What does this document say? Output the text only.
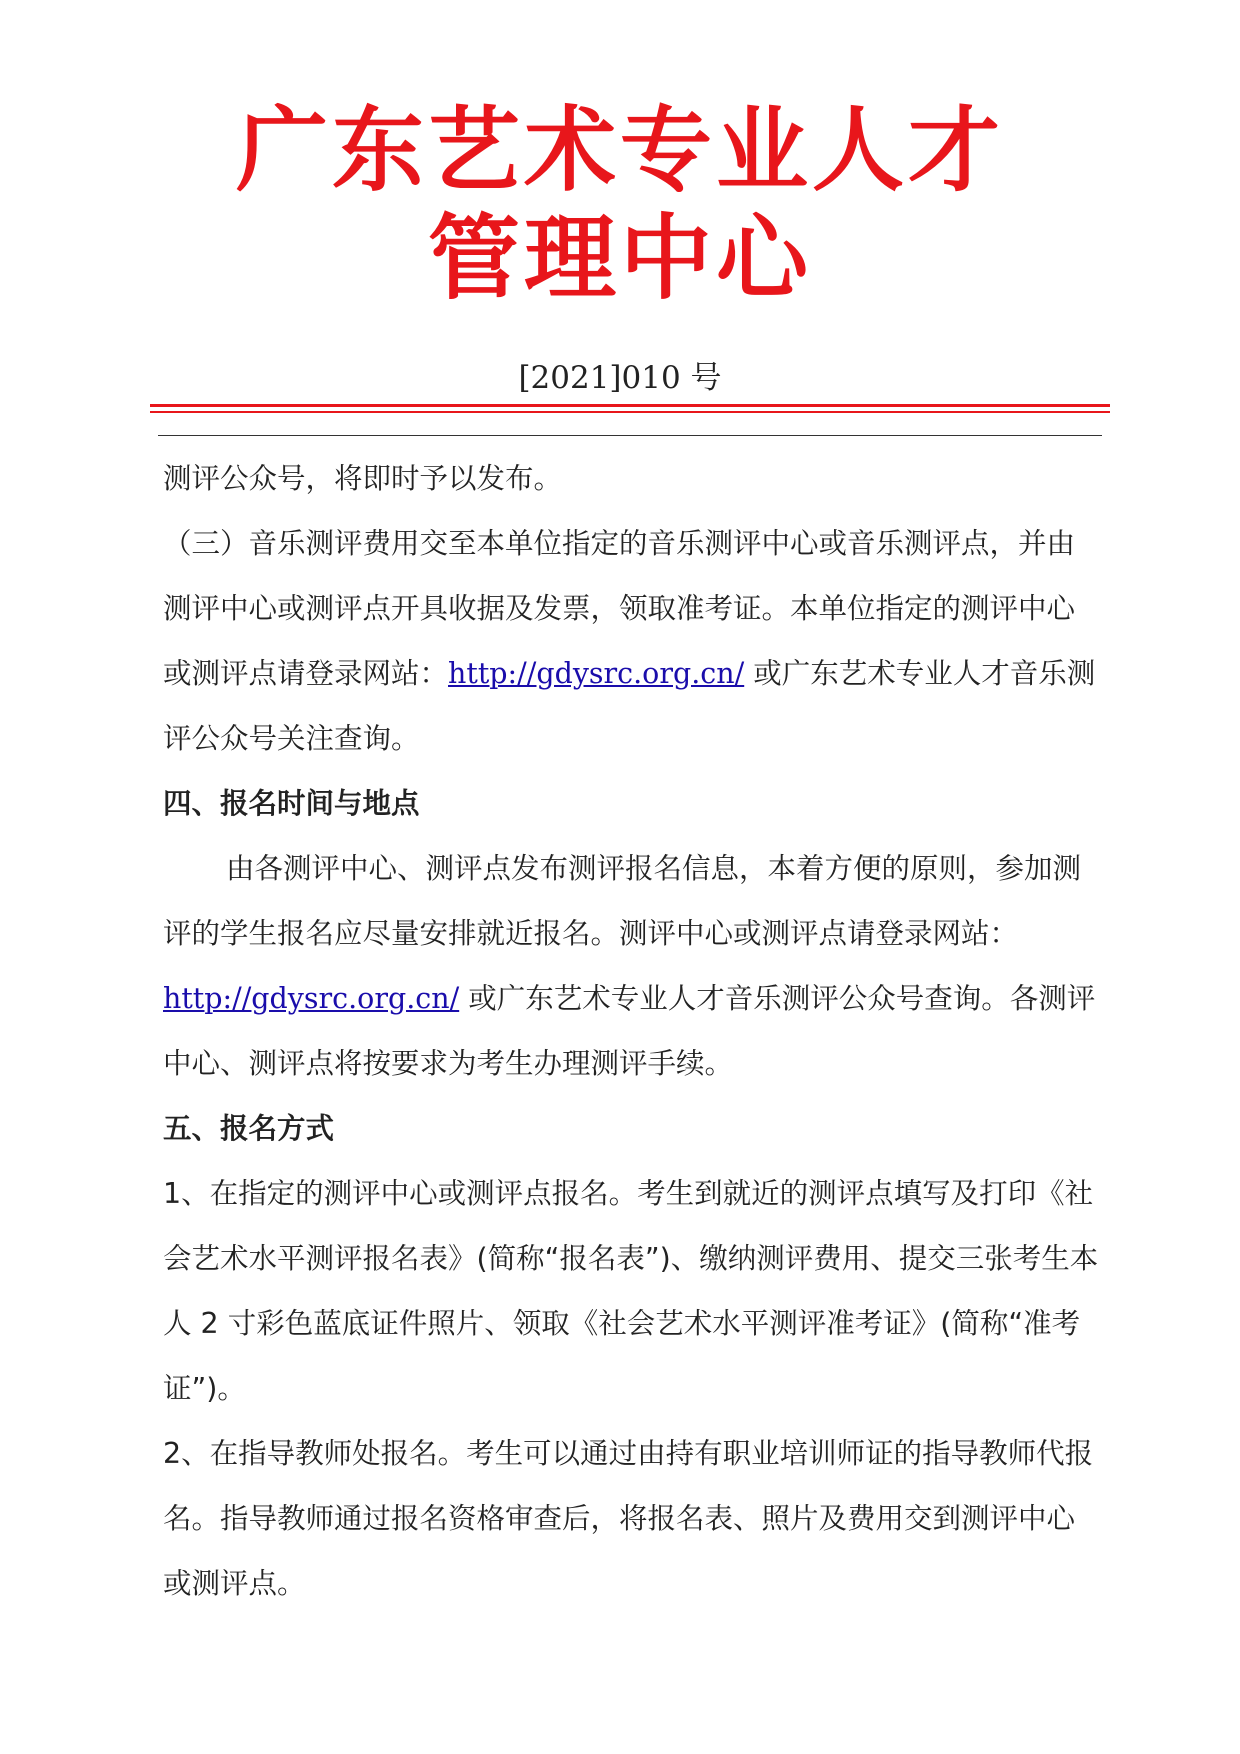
广东艺术专业人才
管理中心
[2021]010 号

测评公众号，将即时予以发布。

（三）音乐测评费用交至本单位指定的音乐测评中心或音乐测评点，并由测评中心或测评点开具收据及发票，领取准考证。本单位指定的测评中心或测评点请登录网站：http://gdysrc.org.cn/ 或广东艺术专业人才音乐测评公众号关注查询。

四、报名时间与地点

由各测评中心、测评点发布测评报名信息，本着方便的原则，参加测评的学生报名应尽量安排就近报名。测评中心或测评点请登录网站：http://gdysrc.org.cn/ 或广东艺术专业人才音乐测评公众号查询。各测评中心、测评点将按要求为考生办理测评手续。

五、报名方式

1、在指定的测评中心或测评点报名。考生到就近的测评点填写及打印《社会艺术水平测评报名表》(简称“报名表”)、缴纳测评费用、提交三张考生本人 2 寸彩色蓝底证件照片、领取《社会艺术水平测评准考证》(简称“准考证”)。

2、在指导教师处报名。考生可以通过由持有职业培训师证的指导教师代报名。指导教师通过报名资格审查后，将报名表、照片及费用交到测评中心或测评点。
